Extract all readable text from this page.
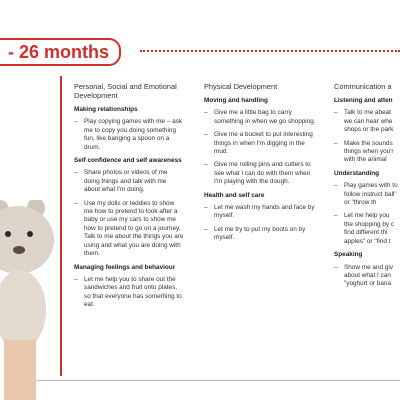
- 26 months
Personal, Social and Emotional Development
Making relationships
– Play copying games with me – ask me to copy you doing something fun, like banging a spoon on a drum.
Self confidence and self awareness
– Share photos or videos of me doing things and talk with me about what I'm doing.
– Use my dolls or teddies to show me how to pretend to look after a baby or use my cars to show me how to pretend to go on a journey. Talk to me about the things you are using and what you are doing with them.
Managing feelings and behaviour
– Let me help you to share out the sandwiches and fruit onto plates, so that everyone has something to eat.
Physical Development
Moving and handling
– Give me a little bag to carry something in when we go shopping.
– Give me a bucket to put interesting things in when I'm digging in the mud.
– Give me rolling pins and cutters to see what I can do with them when I'm playing with the dough.
Health and self care
– Let me wash my hands and face by myself.
– Let me try to put my boots on by myself.
Communication a
Listening and atten
– Talk to me abeat we can hear whe shops or the park
– Make the sounds things when you'r with the animal
Understanding
– Play games with to follow instruct ball" or "throw th
– Let me help you the shopping by c find different thi apples" or "find t
Speaking
– Show me and giv about what I can "yoghurt or bana
